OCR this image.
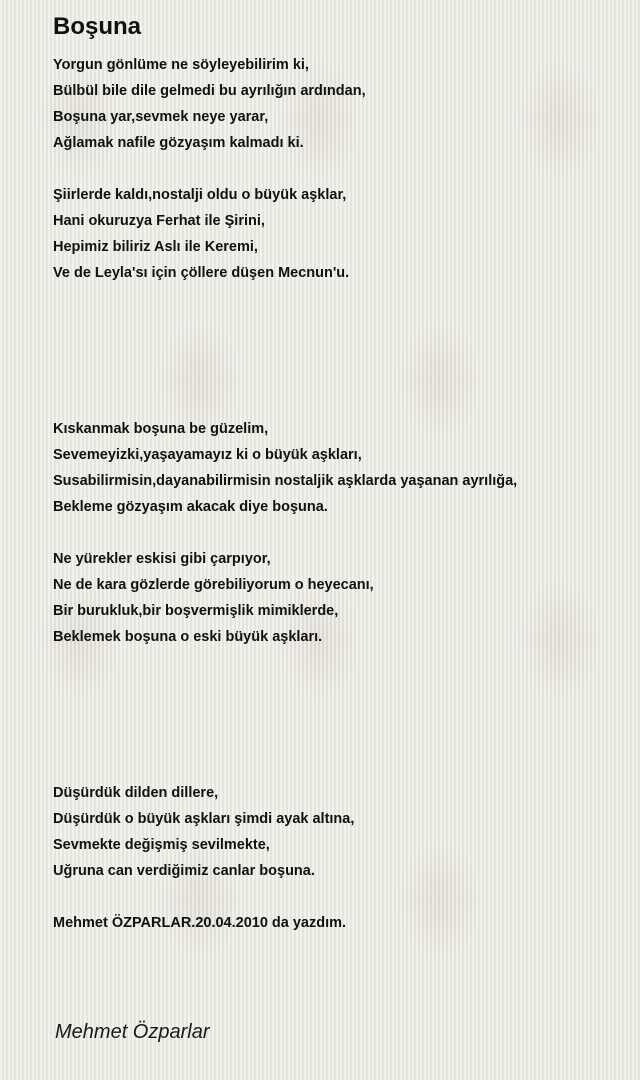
Boşuna
Yorgun gönlüme ne söyleyebilirim ki,
Bülbül bile dile gelmedi bu ayrılığın ardından,
Boşuna yar,sevmek neye yarar,
Ağlamak nafile gözyaşım kalmadı ki.
Şiirlerde kaldı,nostalji oldu o büyük aşklar,
Hani okuruzya Ferhat ile Şirini,
Hepimiz biliriz Aslı ile Keremi,
Ve de Leyla'sı için çöllere düşen Mecnun'u.
Kıskanmak boşuna be güzelim,
Sevemeyizki,yaşayamayız ki o büyük aşkları,
Susabilirmisin,dayanabilirmisin nostaljik aşklarda yaşanan ayrılığa,
Bekleme gözyaşım akacak diye boşuna.
Ne yürekler eskisi gibi çarpıyor,
Ne de kara gözlerde görebiliyorum o heyecanı,
Bir burukluk,bir boşvermişlik mimiklerde,
Beklemek boşuna o eski büyük aşkları.
Düşürdük dilden dillere,
Düşürdük o büyük aşkları şimdi ayak altına,
Sevmekte değişmiş sevilmekte,
Uğruna can verdiğimiz canlar boşuna.
Mehmet ÖZPARLAR.20.04.2010 da yazdım.
Mehmet Özparlar
